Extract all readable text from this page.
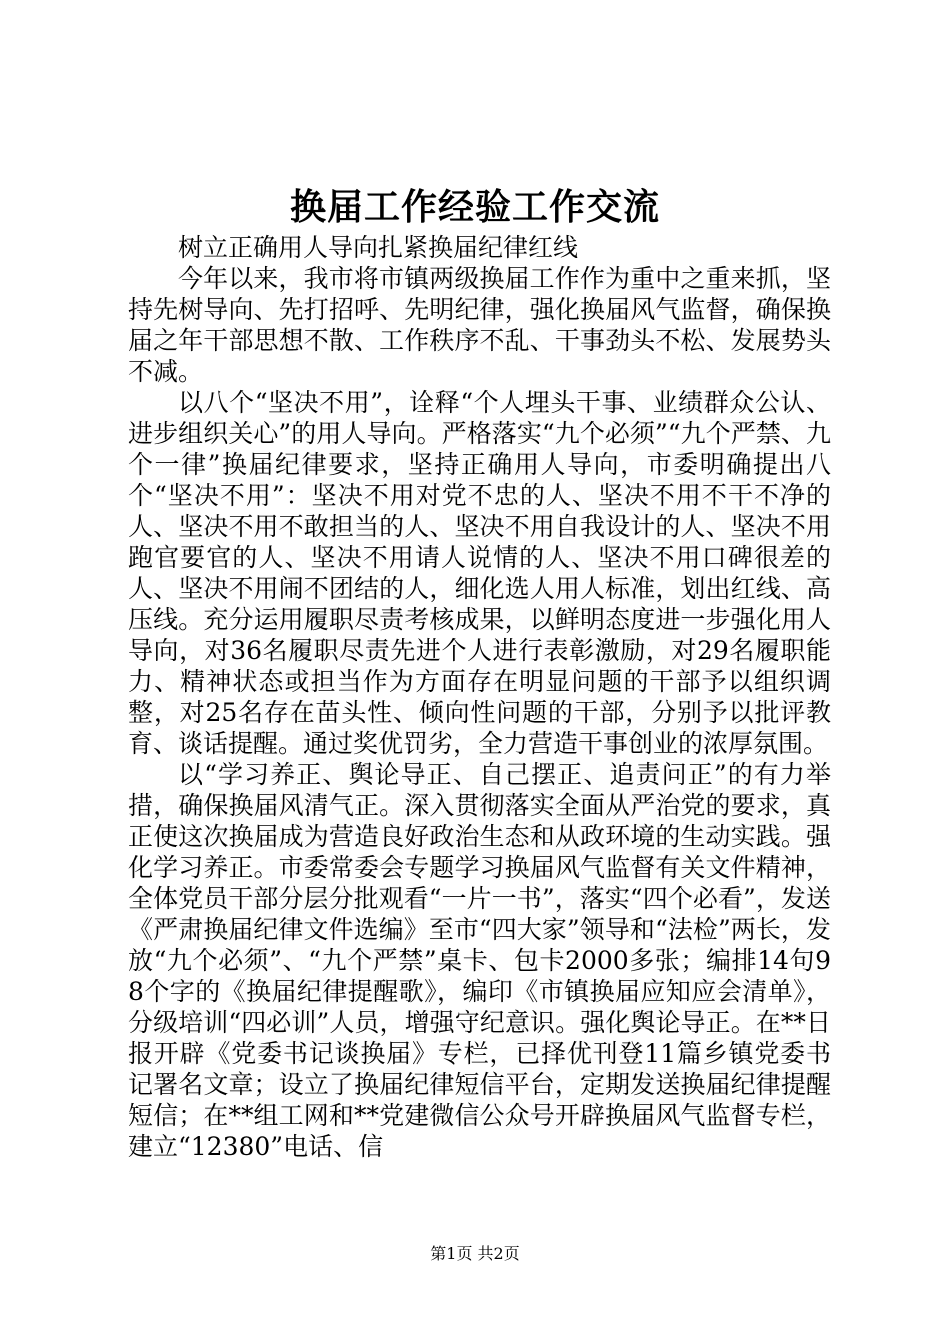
换届工作经验工作交流

树立正确用人导向扎紧换届纪律红线

今年以来，我市将市镇两级换届工作作为重中之重来抓，坚持先树导向、先打招呼、先明纪律，强化换届风气监督，确保换届之年干部思想不散、工作秩序不乱、干事劲头不松、发展势头不减。

以八个“坚决不用”，诠释“个人埋头干事、业绩群众公认、进步组织关心”的用人导向。严格落实“九个必须”“九个严禁、九个一律”换届纪律要求，坚持正确用人导向，市委明确提出八个“坚决不用”：坚决不用对党不忠的人、坚决不用不干不净的人、坚决不用不敢担当的人、坚决不用自我设计的人、坚决不用跑官要官的人、坚决不用请人说情的人、坚决不用口碑很差的人、坚决不用闹不团结的人，细化选人用人标准，划出红线、高压线。充分运用履职尽责考核成果，以鲜明态度进一步强化用人导向，对36名履职尽责先进个人进行表彰激励，对29名履职能力、精神状态或担当作为方面存在明显问题的干部予以组织调整，对25名存在苗头性、倾向性问题的干部，分别予以批评教育、谈话提醒。通过奖优罚劣，全力营造干事创业的浓厚氛围。

以“学习养正、舆论导正、自己摆正、追责问正”的有力举措，确保换届风清气正。深入贯彻落实全面从严治党的要求，真正使这次换届成为营造良好政治生态和从政环境的生动实践。强化学习养正。市委常委会专题学习换届风气监督有关文件精神，全体党员干部分层分批观看“一片一书”，落实“四个必看”，发送《严肃换届纪律文件选编》至市“四大家”领导和“法检”两长，发放“九个必须”、“九个严禁”桌卡、包卡2000多张；编排14句98个字的《换届纪律提醒歌》，编印《市镇换届应知应会清单》，分级培训“四必训”人员，增强守纪意识。强化舆论导正。在**日报开辟《党委书记谈换届》专栏，已择优刊登11篇乡镇党委书记署名文章；设立了换届纪律短信平台，定期发送换届纪律提醒短信；在**组工网和**党建微信公众号开辟换届风气监督专栏，建立“12380”电话、信

第1页 共2页
